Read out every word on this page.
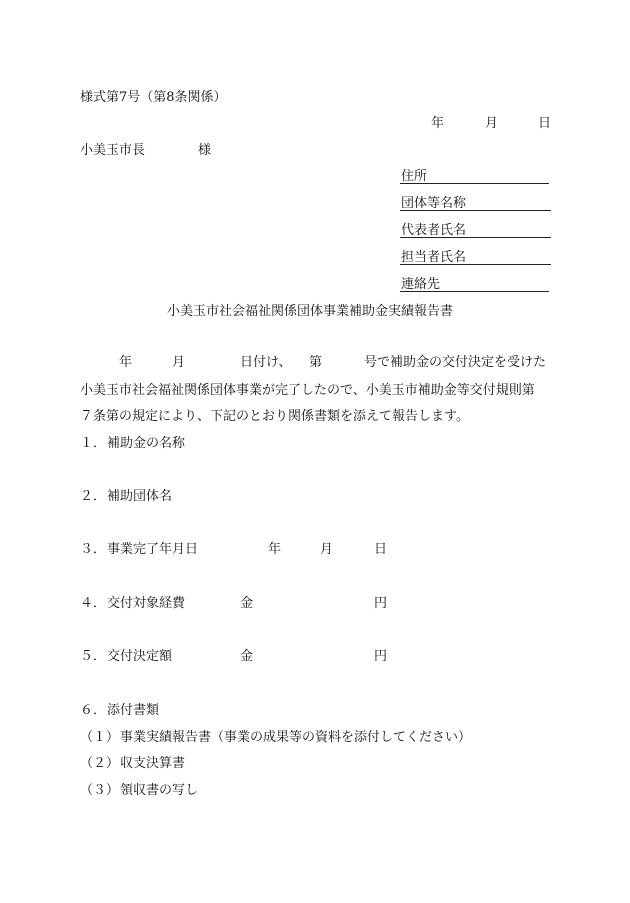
様式第7号（第8条関係）
年	月	日
小美玉市長	様
住所
団体等名称
代表者氏名
担当者氏名
連絡先
小美玉市社会福祉関係団体事業補助金実績報告書
年	月	日付け、 第	号で補助金の交付決定を受けた
小美玉市社会福祉関係団体事業が完了したので、小美玉市補助金等交付規則第
７条第の規定により、下記のとおり関係書類を添えて報告します。
１． 補助金の名称
２． 補助団体名
３． 事業完了年月日	年	月	日
４． 交付対象経費	金	円
５． 交付決定額	金	円
６． 添付書類
（１） 事業実績報告書（事業の成果等の資料を添付してください）
（２） 収支決算書
（３） 領収書の写し
